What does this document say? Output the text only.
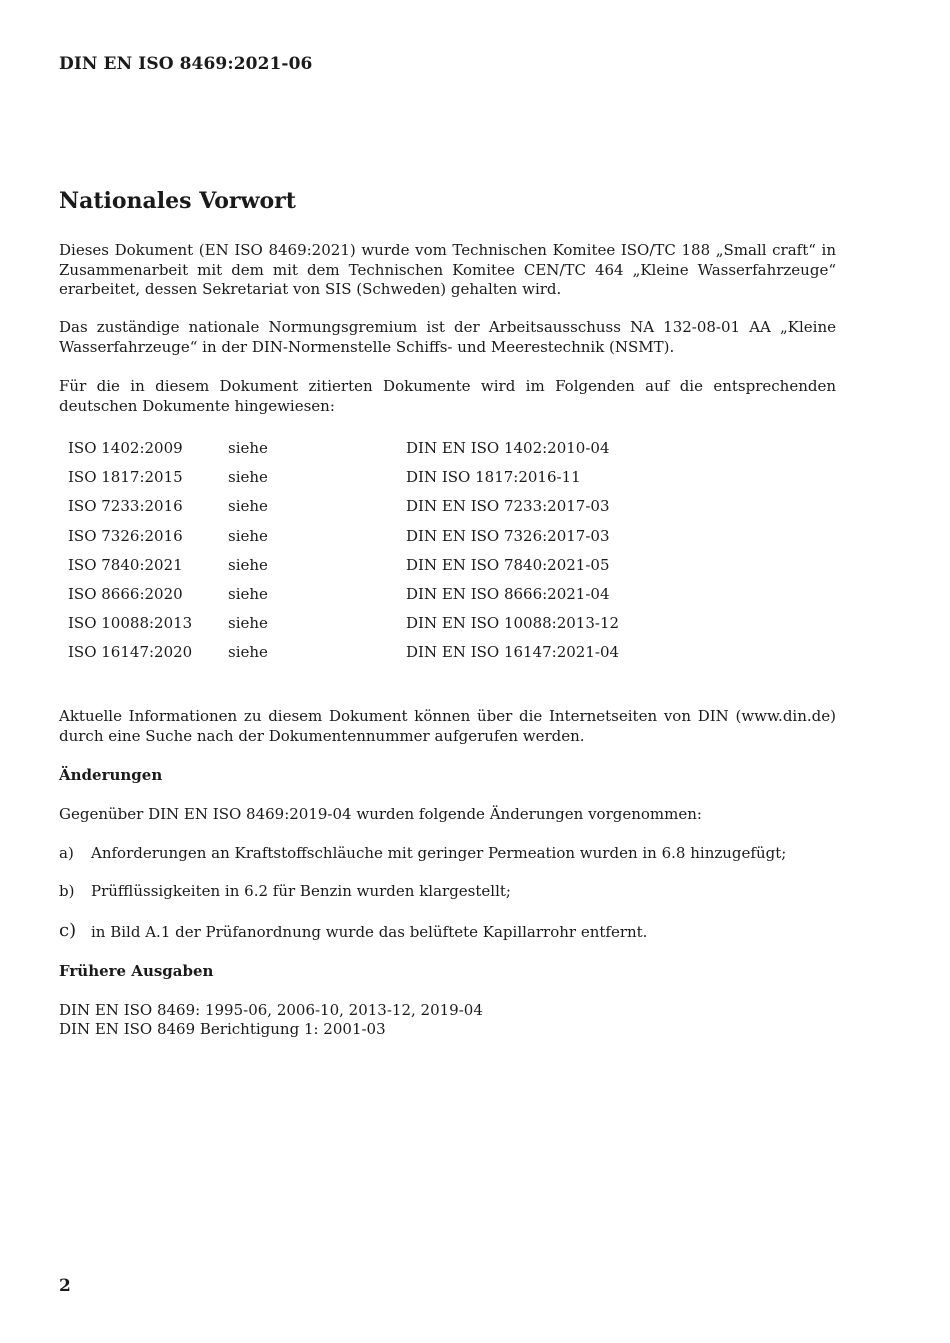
DIN EN ISO 8469:2021-06
Nationales Vorwort

Dieses Dokument (EN ISO 8469:2021) wurde vom Technischen Komitee ISO/TC 188 „Small craft“ in Zusammenarbeit mit dem mit dem Technischen Komitee CEN/TC 464 „Kleine Wasserfahrzeuge“ erarbeitet, dessen Sekretariat von SIS (Schweden) gehalten wird.

Das zuständige nationale Normungsgremium ist der Arbeitsausschuss NA 132-08-01 AA „Kleine Wasserfahrzeuge“ in der DIN-Normenstelle Schiffs- und Meerestechnik (NSMT).

Für die in diesem Dokument zitierten Dokumente wird im Folgenden auf die entsprechenden deutschen Dokumente hingewiesen:

ISO 1402:2009	siehe	DIN EN ISO 1402:2010-04
ISO 1817:2015	siehe	DIN ISO 1817:2016-11
ISO 7233:2016	siehe	DIN EN ISO 7233:2017-03
ISO 7326:2016	siehe	DIN EN ISO 7326:2017-03
ISO 7840:2021	siehe	DIN EN ISO 7840:2021-05
ISO 8666:2020	siehe	DIN EN ISO 8666:2021-04
ISO 10088:2013 siehe	DIN EN ISO 10088:2013-12
ISO 16147:2020 siehe	DIN EN ISO 16147:2021-04

Aktuelle Informationen zu diesem Dokument können über die Internetseiten von DIN (www.din.de) durch eine Suche nach der Dokumentennummer aufgerufen werden.

Änderungen
Gegenüber DIN EN ISO 8469:2019-04 wurden folgende Änderungen vorgenommen:
a) Anforderungen an Kraftstoffschläuche mit geringer Permeation wurden in 6.8 hinzugefügt;
b) Prüfflüssigkeiten in 6.2 für Benzin wurden klargestellt;
c) in Bild A.1 der Prüfanordnung wurde das belüftete Kapillarrohr entfernt.
Frühere Ausgaben
DIN EN ISO 8469: 1995-06, 2006-10, 2013-12, 2019-04
DIN EN ISO 8469 Berichtigung 1: 2001-03
2
